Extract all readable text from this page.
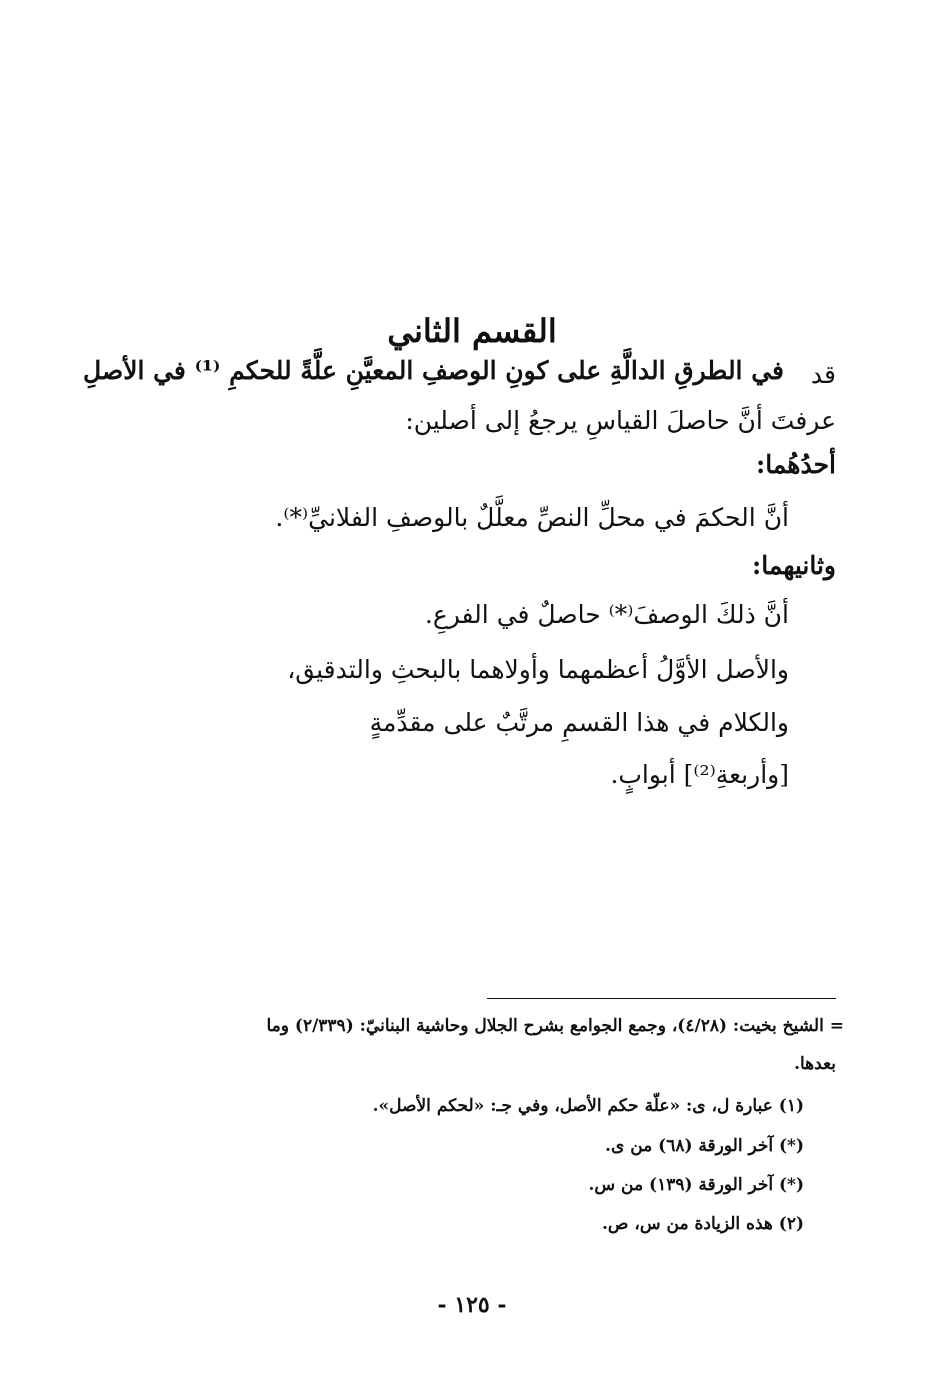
القسم الثاني
في الطرقِ الدالَّةِ على كونِ الوصفِ المعيَّنِ علَّةً للحكمِ ⁽¹⁾ في الأصلِ	قد
عرفتَ أنَّ حاصلَ القياسِ يرجعُ إلى أصلين:
أحدُهُما:
أنَّ الحكمَ في محلِّ النصِّ معلَّلٌ بالوصفِ الفلانيِّ⁽*⁾.
وثانيهما:
أنَّ ذلكَ الوصفَ⁽*⁾ حاصلٌ في الفرعِ.
والأصل الأوَّلُ أعظمهما وأولاهما بالبحثِ والتدقيق،
والكلام في هذا القسمِ مرتَّبٌ على مقدِّمةٍ
[وأربعةِ⁽²⁾] أبوابٍ.
= الشيخ بخيت: (٤/٢٨)، وجمع الجوامع بشرح الجلال وحاشية البنانيّ: (٢/٣٣٩) وما
بعدها.
(١) عبارة ل، ى: «علّة حكم الأصل، وفي جـ: «لحكم الأصل».
(*) آخر الورقة (٦٨) من ى.
(*) آخر الورقة (١٣٩) من س.
(٢) هذه الزيادة من س، ص.
- ١٢٥ -
